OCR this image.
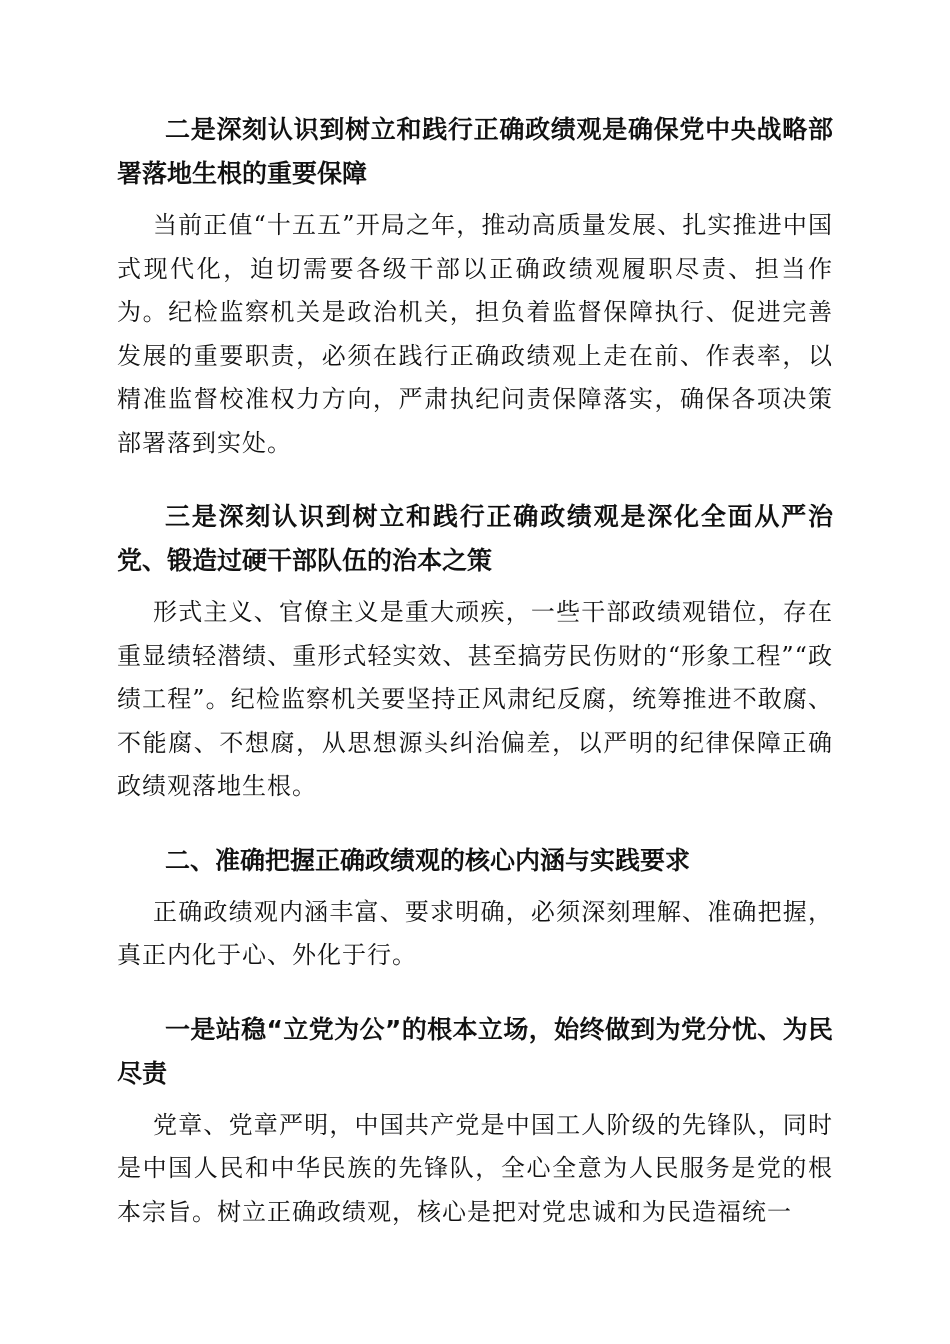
二是深刻认识到树立和践行正确政绩观是确保党中央战略部署落地生根的重要保障

当前正值“十五五”开局之年，推动高质量发展、扎实推进中国式现代化，迫切需要各级干部以正确政绩观履职尽责、担当作为。纪检监察机关是政治机关，担负着监督保障执行、促进完善发展的重要职责，必须在践行正确政绩观上走在前、作表率，以精准监督校准权力方向，严肃执纪问责保障落实，确保各项决策部署落到实处。

三是深刻认识到树立和践行正确政绩观是深化全面从严治党、锻造过硬干部队伍的治本之策

形式主义、官僚主义是重大顽疾，一些干部政绩观错位，存在重显绩轻潜绩、重形式轻实效、甚至搞劳民伤财的“形象工程”“政绩工程”。纪检监察机关要坚持正风肃纪反腐，统筹推进不敢腐、不能腐、不想腐，从思想源头纠治偏差，以严明的纪律保障正确政绩观落地生根。

二、准确把握正确政绩观的核心内涵与实践要求

正确政绩观内涵丰富、要求明确，必须深刻理解、准确把握，真正内化于心、外化于行。

一是站稳“立党为公”的根本立场，始终做到为党分忧、为民尽责

党章、党章严明，中国共产党是中国工人阶级的先锋队，同时是中国人民和中华民族的先锋队，全心全意为人民服务是党的根本宗旨。树立正确政绩观，核心是把对党忠诚和为民造福统一
